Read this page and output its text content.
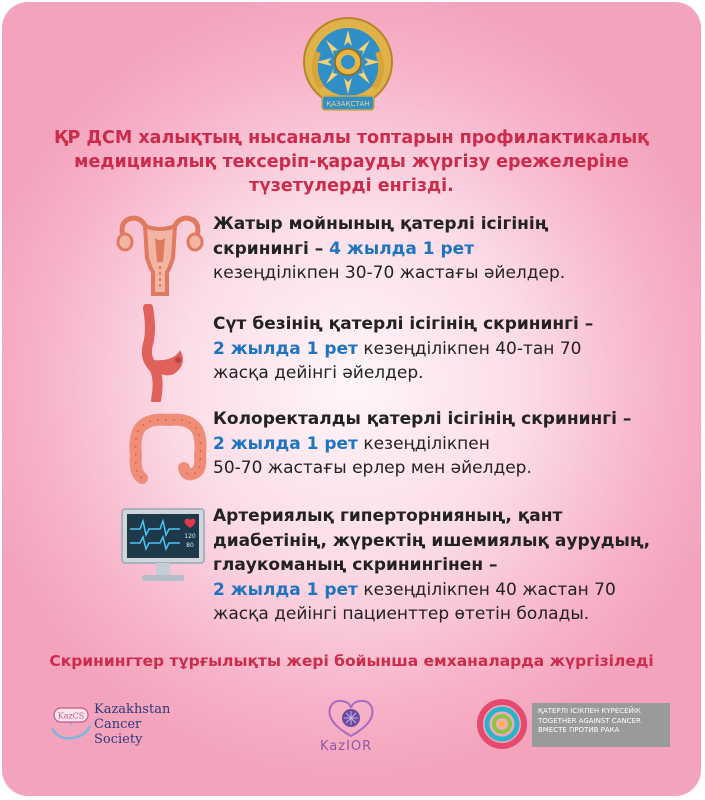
ҚАЗАҚСТАН
ҚР ДСМ халықтың нысаналы топтарын профилактикалық
медициналық тексеріп-қарауды жүргізу ережелеріне
түзетулерді енгізді.
Жатыр мойнының қатерлі ісігінің
скринингі – 4 жылда 1 рет
кезеңділікпен 30-70 жастағы әйелдер.
Сүт безінің қатерлі ісігінің скринингі –
2 жылда 1 рет кезеңділікпен 40-тан 70
жасқа дейінгі әйелдер.
Колоректалды қатерлі ісігінің скринингі –
2 жылда 1 рет кезеңділікпен
50-70 жастағы ерлер мен әйелдер.
120
80
Артериялық гиперторнияның, қант
диабетінің, жүректің ишемиялық аурудың,
глаукоманың скринингінен –
2 жылда 1 рет кезеңділікпен 40 жастан 70
жасқа дейінгі пациенттер өтетін болады.
Скринингтер тұрғылықты жері бойынша емханаларда жүргізіледі
KazCS Kazakhstan
Cancer
Society	KazIOR
ҚАТЕРЛІ ІСІКПЕН КҮРЕСЕЙІК
TOGETHER AGAINST CANCER
ВМЕСТЕ ПРОТИВ РАКА
